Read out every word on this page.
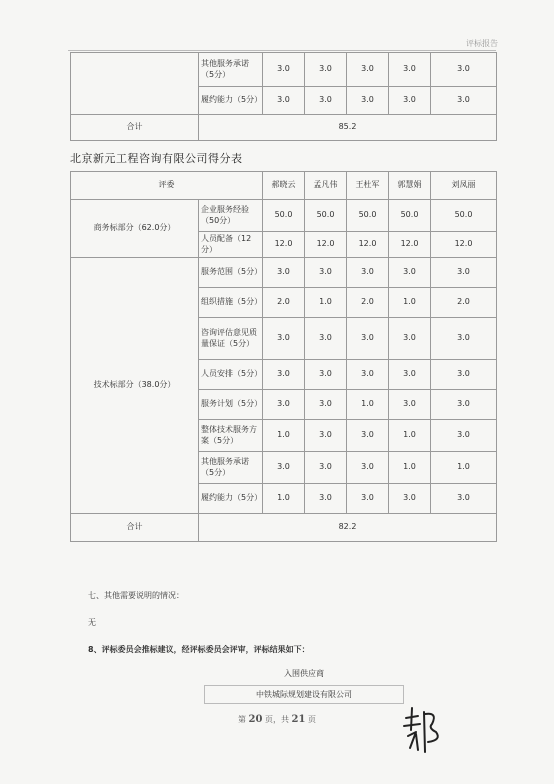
评标报告
	其他服务承诺（5分）	3.0	3.0	3.0	3.0	3.0
	履约能力（5分）	3.0	3.0	3.0	3.0	3.0
合计	85.2					
北京新元工程咨询有限公司得分表
评委		郝晓云	孟凡伟	王杜军	郭慧娟	刘凤丽
商务标部分（62.0分）	企业服务经验（50分）	50.0	50.0	50.0	50.0	50.0
	人员配备（12分）	12.0	12.0	12.0	12.0	12.0
技术标部分（38.0分）	服务范围（5分）	3.0	3.0	3.0	3.0	3.0
	组织措施（5分）	2.0	1.0	2.0	1.0	2.0
	咨询评估意见质量保证（5分）	3.0	3.0	3.0	3.0	3.0
	人员安排（5分）	3.0	3.0	3.0	3.0	3.0
	服务计划（5分）	3.0	3.0	1.0	3.0	3.0
	整体技术服务方案（5分）	1.0	3.0	3.0	1.0	3.0
	其他服务承诺（5分）	3.0	3.0	3.0	1.0	1.0
	履约能力（5分）	1.0	3.0	3.0	3.0	3.0
合计	82.2					
七、其他需要说明的情况：
无
8、评标委员会推标建议，经评标委员会评审，评标结果如下：
入围供应商
中铁城际规划建设有限公司
第 20 页，共 21 页
